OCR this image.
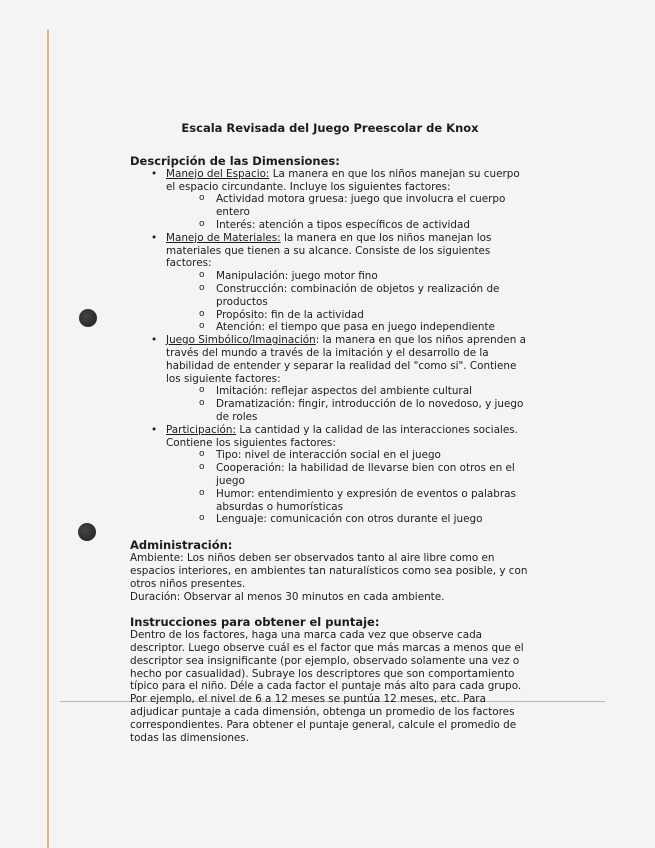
Escala Revisada del Juego Preescolar de Knox
Descripción de las Dimensiones:
• Manejo del Espacio: La manera en que los niños manejan su cuerpo el espacio circundante. Incluye los siguientes factores:
o Actividad motora gruesa: juego que involucra el cuerpo entero
o Interés: atención a tipos específicos de actividad
• Manejo de Materiales: la manera en que los niños manejan los materiales que tienen a su alcance. Consiste de los siguientes factores:
o Manipulación: juego motor fino
o Construcción: combinación de objetos y realización de productos
o Propósito: fin de la actividad
o Atención: el tiempo que pasa en juego independiente
• Juego Simbólico/Imaginación: la manera en que los niños aprenden a través del mundo a través de la imitación y el desarrollo de la habilidad de entender y separar la realidad del "como si". Contiene los siguiente factores:
o Imitación: reflejar aspectos del ambiente cultural
o Dramatización: fingir, introducción de lo novedoso, y juego de roles
• Participación: La cantidad y la calidad de las interacciones sociales. Contiene los siguientes factores:
o Tipo: nivel de interacción social en el juego
o Cooperación: la habilidad de llevarse bien con otros en el juego
o Humor: entendimiento y expresión de eventos o palabras absurdas o humorísticas
o Lenguaje: comunicación con otros durante el juego
Administración:

Ambiente: Los niños deben ser observados tanto al aire libre como en espacios interiores, en ambientes tan naturalísticos como sea posible, y con otros niños presentes.

Duración: Observar al menos 30 minutos en cada ambiente.

Instrucciones para obtener el puntaje:

Dentro de los factores, haga una marca cada vez que observe cada descriptor. Luego observe cuál es el factor que más marcas a menos que el descriptor sea insignificante (por ejemplo, observado solamente una vez o hecho por casualidad). Subraye los descriptores que son comportamiento típico para el niño. Déle a cada factor el puntaje más alto para cada grupo. Por ejemplo, el nivel de 6 a 12 meses se puntúa 12 meses, etc. Para adjudicar puntaje a cada dimensión, obtenga un promedio de los factores correspondientes. Para obtener el puntaje general, calcule el promedio de todas las dimensiones.
